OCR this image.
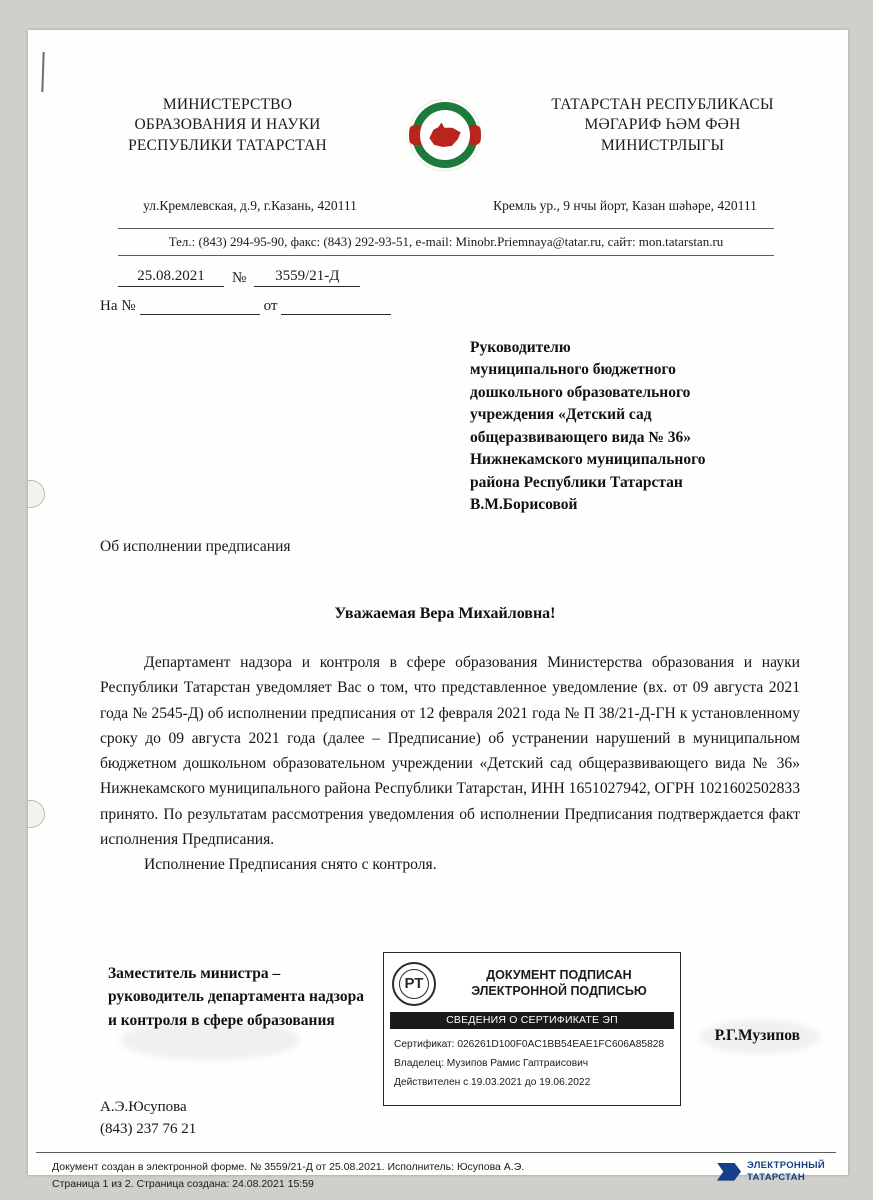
МИНИСТЕРСТВО
ОБРАЗОВАНИЯ И НАУКИ
РЕСПУБЛИКИ ТАТАРСТАН
ТАТАРСТАН РЕСПУБЛИКАСЫ
МӘГАРИФ ҺӘМ ФӘН
МИНИСТРЛЫГЫ
ул.Кремлевская, д.9, г.Казань, 420111	Кремль ур., 9 нчы йорт, Казан шәһәре, 420111
Тел.: (843) 294-95-90, факс: (843) 292-93-51, e-mail: Minobr.Priemnaya@tatar.ru, сайт: mon.tatarstan.ru
25.08.2021	№	3559/21-Д
На №	от
Руководителю
муниципального бюджетного
дошкольного образовательного
учреждения «Детский сад
общеразвивающего вида № 36»
Нижнекамского муниципального
района Республики Татарстан
В.М.Борисовой
Об исполнении предписания
Уважаемая Вера Михайловна!

Департамент надзора и контроля в сфере образования Министерства образования и науки Республики Татарстан уведомляет Вас о том, что представленное уведомление (вх. от 09 августа 2021 года № 2545-Д) об исполнении предписания от 12 февраля 2021 года № П 38/21-Д-ГН к установленному сроку до 09 августа 2021 года (далее – Предписание) об устранении нарушений в муниципальном бюджетном дошкольном образовательном учреждении «Детский сад общеразвивающего вида № 36» Нижнекамского муниципального района Республики Татарстан, ИНН 1651027942, ОГРН 1021602502833 принято. По результатам рассмотрения уведомления об исполнении Предписания подтверждается факт исполнения Предписания.

Исполнение Предписания снято с контроля.

Заместитель министра –
руководитель департамента надзора
и контроля в сфере образования
Р.Г.Музипов
РТ	ДОКУМЕНТ ПОДПИСАН
ЭЛЕКТРОННОЙ ПОДПИСЬЮ
СВЕДЕНИЯ О СЕРТИФИКАТЕ ЭП
Сертификат: 026261D100F0AC1BB54EAE1FC606A85828
Владелец: Музипов Рамис Гаптраисович
Действителен с 19.03.2021 до 19.06.2022
А.Э.Юсупова
(843) 237 76 21
Документ создан в электронной форме. № 3559/21-Д от 25.08.2021. Исполнитель: Юсупова А.Э.
Страница 1 из 2. Страница создана: 24.08.2021 15:59
ЭЛЕКТРОННЫЙ
ТАТАРСТАН
